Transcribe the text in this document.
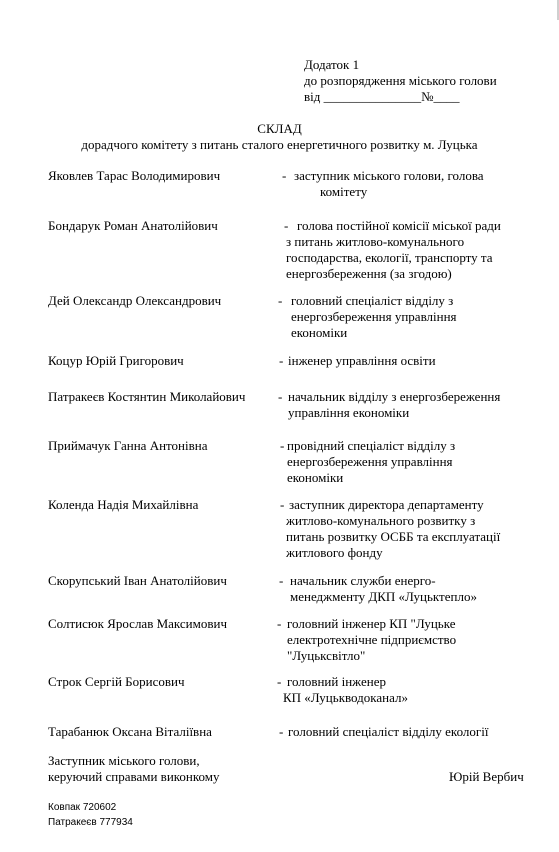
Додаток 1
до розпорядження міського голови
від _______________№____
СКЛАД
дорадчого комітету з питань сталого енергетичного розвитку м. Луцька
Яковлев Тарас Володимирович	- заступник міського голови, голова
комітету
Бондарук Роман Анатолійович	- голова постійної комісії міської ради
з питань житлово-комунального
господарства, екології, транспорту та
енергозбереження (за згодою)
Дей Олександр Олександрович	- головний спеціаліст відділу з
енергозбереження управління
економіки
Коцур Юрій Григорович	- інженер управління освіти
Патракеєв Костянтин Миколайович	- начальник відділу з енергозбереження
управління економіки
Приймачук Ганна Антонівна	- провідний спеціаліст відділу з
енергозбереження управління
економіки
Коленда Надія Михайлівна	- заступник директора департаменту
житлово-комунального розвитку з
питань розвитку ОСББ та експлуатації
житлового фонду
Скорупський Іван Анатолійович	- начальник служби енерго-
менеджменту ДКП «Луцьктепло»
Солтисюк Ярослав Максимович	- головний інженер КП "Луцьке
електротехнічне підприємство
"Луцьксвітло"
Строк Сергій Борисович	- головний інженер
КП «Луцькводоканал»
Тарабанюк Оксана Віталіївна	- головний спеціаліст відділу екології
Заступник міського голови,
керуючий справами виконкому	Юрій Вербич
Ковпак 720602
Патракеєв 777934
